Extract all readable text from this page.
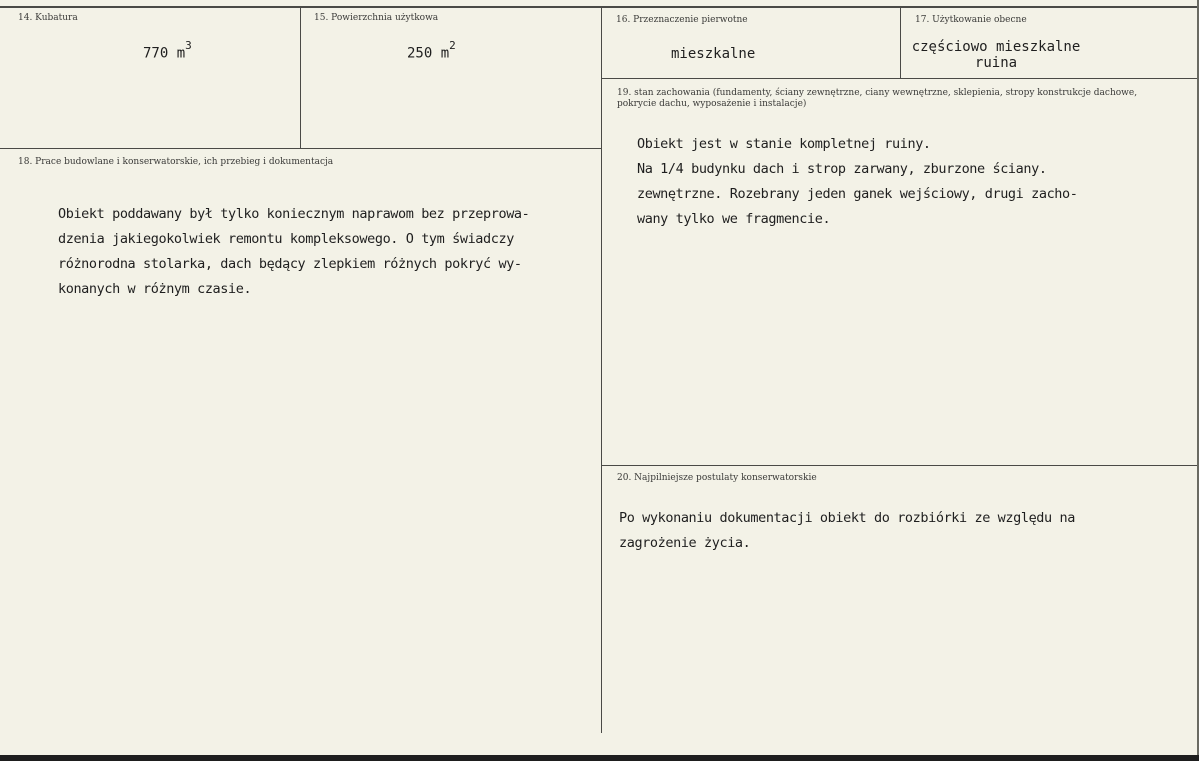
14. Kubatura
770 $m^3$
15. Powierzchnia użytkowa
250 $m^2$
16. Przeznaczenie pierwotne
mieszkalne
17. Użytkowanie obecne
częściowo mieszkalne
ruina
19. stan zachowania (fundamenty, ściany zewnętrzne, ciany wewnętrzne, sklepienia, stropy konstrukcje dachowe, pokrycie dachu, wyposażenie i instalacje)
Obiekt jest w stanie kompletnej ruiny.
Na 1/4 budynku dach i strop zarwany, zburzone ściany.
zewnętrzne. Rozebrany jeden ganek wejściowy, drugi zacho-
wany tylko we fragmencie.
18. Prace budowlane i konserwatorskie, ich przebieg i dokumentacja
Obiekt poddawany był tylko koniecznym naprawom bez przeprowa-
dzenia jakiegokolwiek remontu kompleksowego. O tym świadczy
różnorodna stolarka, dach będący zlepkiem różnych pokryć wy-
konanych w różnym czasie.
20. Najpilniejsze postulaty konserwatorskie
Po wykonaniu dokumentacji obiekt do rozbiórki ze względu na
zagrożenie życia.
